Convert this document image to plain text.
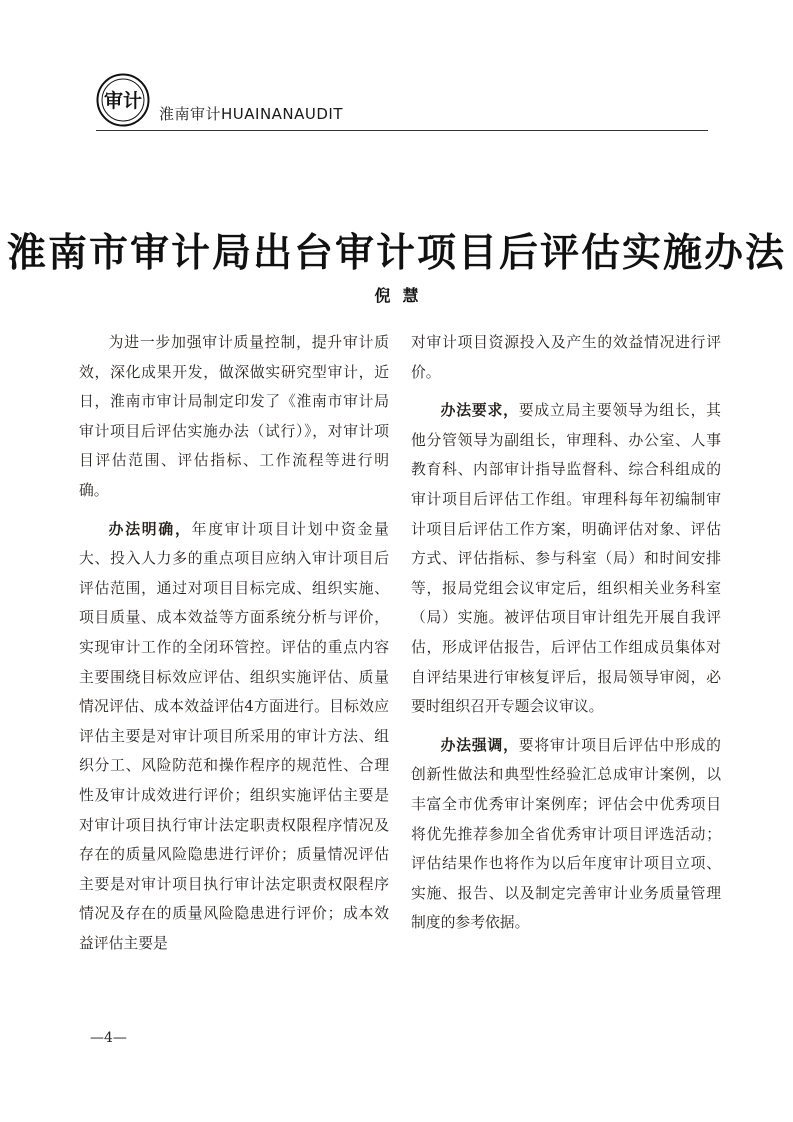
审计
淮南审计HUAINANAUDIT
淮南市审计局出台审计项目后评估实施办法
倪慧

为进一步加强审计质量控制，提升审计质效，深化成果开发，做深做实研究型审计，近日，淮南市审计局制定印发了《淮南市审计局审计项目后评估实施办法（试行）》，对审计项目评估范围、评估指标、工作流程等进行明确。

办法明确，年度审计项目计划中资金量大、投入人力多的重点项目应纳入审计项目后评估范围，通过对项目目标完成、组织实施、项目质量、成本效益等方面系统分析与评价，实现审计工作的全闭环管控。评估的重点内容主要围绕目标效应评估、组织实施评估、质量情况评估、成本效益评估4方面进行。目标效应评估主要是对审计项目所采用的审计方法、组织分工、风险防范和操作程序的规范性、合理性及审计成效进行评价；组织实施评估主要是对审计项目执行审计法定职责权限程序情况及存在的质量风险隐患进行评价；质量情况评估主要是对审计项目执行审计法定职责权限程序情况及存在的质量风险隐患进行评价；成本效益评估主要是

对审计项目资源投入及产生的效益情况进行评价。

办法要求，要成立局主要领导为组长，其他分管领导为副组长，审理科、办公室、人事教育科、内部审计指导监督科、综合科组成的审计项目后评估工作组。审理科每年初编制审计项目后评估工作方案，明确评估对象、评估方式、评估指标、参与科室（局）和时间安排等，报局党组会议审定后，组织相关业务科室（局）实施。被评估项目审计组先开展自我评估，形成评估报告，后评估工作组成员集体对自评结果进行审核复评后，报局领导审阅，必要时组织召开专题会议审议。

办法强调，要将审计项目后评估中形成的创新性做法和典型性经验汇总成审计案例，以丰富全市优秀审计案例库；评估会中优秀项目将优先推荐参加全省优秀审计项目评选活动；评估结果作也将作为以后年度审计项目立项、实施、报告、以及制定完善审计业务质量管理制度的参考依据。

—4—
